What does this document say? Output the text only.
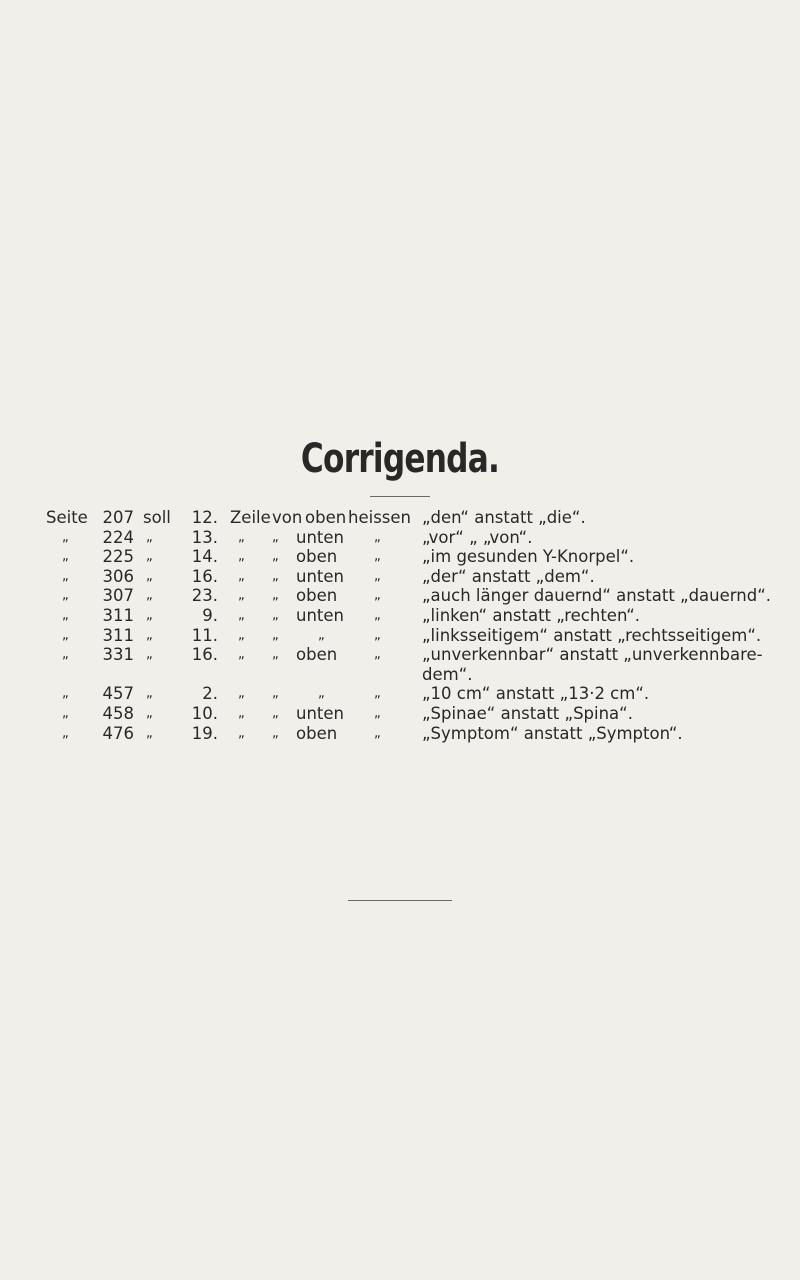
Corrigenda.
Seite 207 soll	12. Zeile von oben heissen „den“ anstatt „die“.
„	224 „	13. „ „ unten „	„vor“ „ „von“.
„	225 „	14. „ „ oben	„	„im gesunden Y-Knorpel“.
„	306 „	16. „ „ unten „	„der“ anstatt „dem“.
„	307 „	23. „ „ oben	„	„auch länger dauernd“ anstatt „dauernd“.
„	311 „	9. „ „ unten „	„linken“ anstatt „rechten“.
„	311 „	11. „ „	„	„	„linksseitigem“ anstatt „rechtsseitigem“.
„	331 „	16. „ „ oben	„	„unverkennbar“ anstatt „unverkennbare- dem“.
„	457 „	2. „ „	„	„	„10 cm“ anstatt „13·2 cm“.
„	458 „	10. „ „ unten „	„Spinae“ anstatt „Spina“.
„	476 „	19. „ „ oben	„	„Symptom“ anstatt „Sympton“.
